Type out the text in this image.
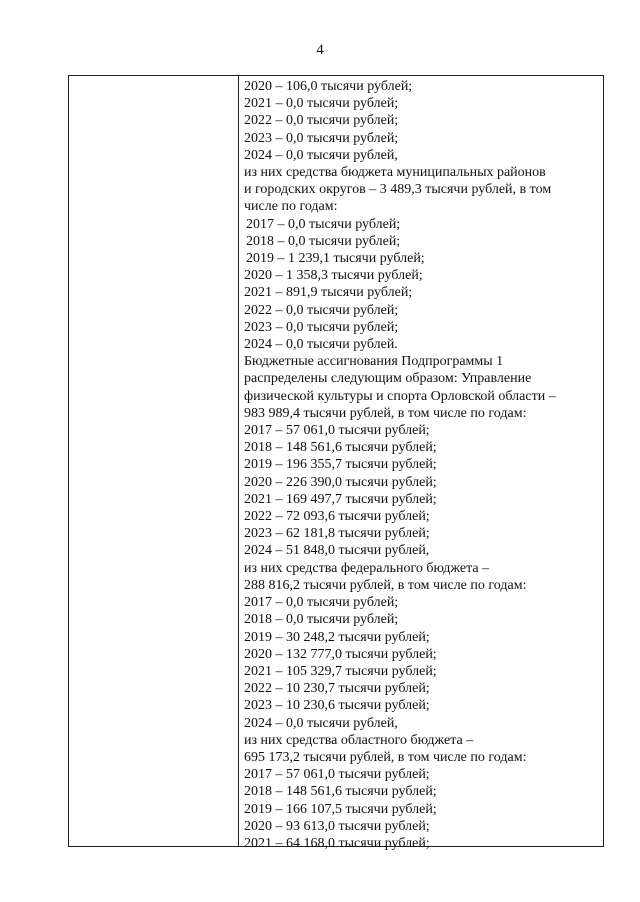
4
2020 – 106,0 тысячи рублей;
2021 – 0,0 тысячи рублей;
2022 – 0,0 тысячи рублей;
2023 – 0,0 тысячи рублей;
2024 – 0,0 тысячи рублей,
из них средства бюджета муниципальных районов
и городских округов – 3 489,3 тысячи рублей, в том
числе по годам:
2017 – 0,0 тысячи рублей;
2018 – 0,0 тысячи рублей;
2019 – 1 239,1 тысячи рублей;
2020 – 1 358,3 тысячи рублей;
2021 – 891,9 тысячи рублей;
2022 – 0,0 тысячи рублей;
2023 – 0,0 тысячи рублей;
2024 – 0,0 тысячи рублей.
Бюджетные ассигнования Подпрограммы 1
распределены следующим образом: Управление
физической культуры и спорта Орловской области –
983 989,4 тысячи рублей, в том числе по годам:
2017 – 57 061,0 тысячи рублей;
2018 – 148 561,6 тысячи рублей;
2019 – 196 355,7 тысячи рублей;
2020 – 226 390,0 тысячи рублей;
2021 – 169 497,7 тысячи рублей;
2022 – 72 093,6 тысячи рублей;
2023 – 62 181,8 тысячи рублей;
2024 – 51 848,0 тысячи рублей,
из них средства федерального бюджета –
288 816,2 тысячи рублей, в том числе по годам:
2017 – 0,0 тысячи рублей;
2018 – 0,0 тысячи рублей;
2019 – 30 248,2 тысячи рублей;
2020 – 132 777,0 тысячи рублей;
2021 – 105 329,7 тысячи рублей;
2022 – 10 230,7 тысячи рублей;
2023 – 10 230,6 тысячи рублей;
2024 – 0,0 тысячи рублей,
из них средства областного бюджета –
695 173,2 тысячи рублей, в том числе по годам:
2017 – 57 061,0 тысячи рублей;
2018 – 148 561,6 тысячи рублей;
2019 – 166 107,5 тысячи рублей;
2020 – 93 613,0 тысячи рублей;
2021 – 64 168,0 тысячи рублей;
